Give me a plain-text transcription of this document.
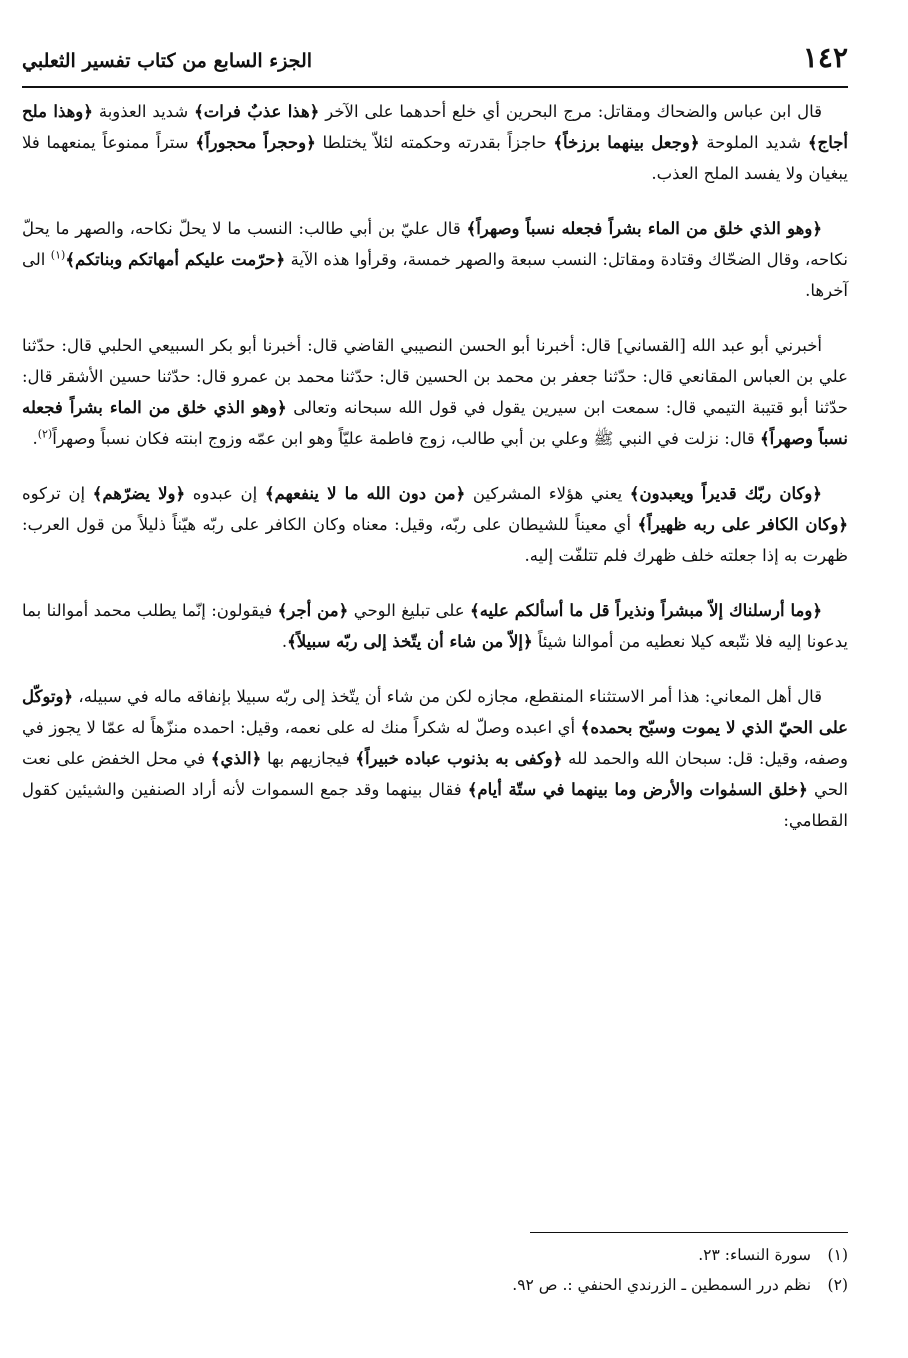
١٤٢
الجزء السابع من كتاب تفسير الثعلبي

قال ابن عباس والضحاك ومقاتل: مرج البحرين أي خلع أحدهما على الآخر ﴿هذا عذبٌ فرات﴾ شديد العذوبة ﴿وهذا ملح أجاج﴾ شديد الملوحة ﴿وجعل بينهما برزخاً﴾ حاجزاً بقدرته وحكمته لئلاّ يختلطا ﴿وحجراً محجوراً﴾ ستراً ممنوعاً يمنعهما فلا يبغيان ولا يفسد الملح العذب.

﴿وهو الذي خلق من الماء بشراً فجعله نسباً وصهراً﴾ قال عليّ بن أبي طالب: النسب ما لا يحلّ نكاحه، والصهر ما يحلّ نكاحه، وقال الضحّاك وقتادة ومقاتل: النسب سبعة والصهر خمسة، وقرأوا هذه الآية ﴿حرّمت عليكم أمهاتكم وبناتكم﴾$^{(١)}$ الى آخرها.

أخبرني أبو عبد الله [القساني] قال: أخبرنا أبو الحسن النصيبي القاضي قال: أخبرنا أبو بكر السبيعي الحلبي قال: حدّثنا علي بن العباس المقانعي قال: حدّثنا جعفر بن محمد بن الحسين قال: حدّثنا محمد بن عمرو قال: حدّثنا حسين الأشقر قال: حدّثنا أبو قتيبة التيمي قال: سمعت ابن سيرين يقول في قول الله سبحانه وتعالى ﴿وهو الذي خلق من الماء بشراً فجعله نسباً وصهراً﴾ قال: نزلت في النبي ﷺ وعلي بن أبي طالب، زوج فاطمة عليّاً وهو ابن عمّه وزوج ابنته فكان نسباً وصهراً$^{(٢)}$.

﴿وكان ربّك قديراً ويعبدون﴾ يعني هؤلاء المشركين ﴿من دون الله ما لا ينفعهم﴾ إن عبدوه ﴿ولا يضرّهم﴾ إن تركوه ﴿وكان الكافر على ربه ظهيراً﴾ أي معيناً للشيطان على ربّه، وقيل: معناه وكان الكافر على ربّه هيّناً ذليلاً من قول العرب: ظهرت به إذا جعلته خلف ظهرك فلم تتلفّت إليه.

﴿وما أرسلناك إلاّ مبشراً ونذيراً قل ما أسألكم عليه﴾ على تبليغ الوحي ﴿من أجر﴾ فيقولون: إنّما يطلب محمد أموالنا بما يدعونا إليه فلا نتّبعه كيلا نعطيه من أموالنا شيئاً ﴿إلاّ من شاء أن يتّخذ إلى ربّه سبيلاً﴾.

قال أهل المعاني: هذا أمر الاستثناء المنقطع، مجازه لكن من شاء أن يتّخذ إلى ربّه سبيلا بإنفاقه ماله في سبيله، ﴿وتوكّل على الحيّ الذي لا يموت وسبّح بحمده﴾ أي اعبده وصلّ له شكراً منك له على نعمه، وقيل: احمده منزّهاً له عمّا لا يجوز في وصفه، وقيل: قل: سبحان الله والحمد لله ﴿وكفى به بذنوب عباده خبيراً﴾ فيجازيهم بها ﴿الذي﴾ في محل الخفض على نعت الحي ﴿خلق السمٰوات والأرض وما بينهما في ستّة أيام﴾ فقال بينهما وقد جمع السموات لأنه أراد الصنفين والشيئين كقول القطامي:

(١) سورة النساء: ٢٣.
(٢) نظم درر السمطين ـ الزرندي الحنفي :. ص ٩٢.
